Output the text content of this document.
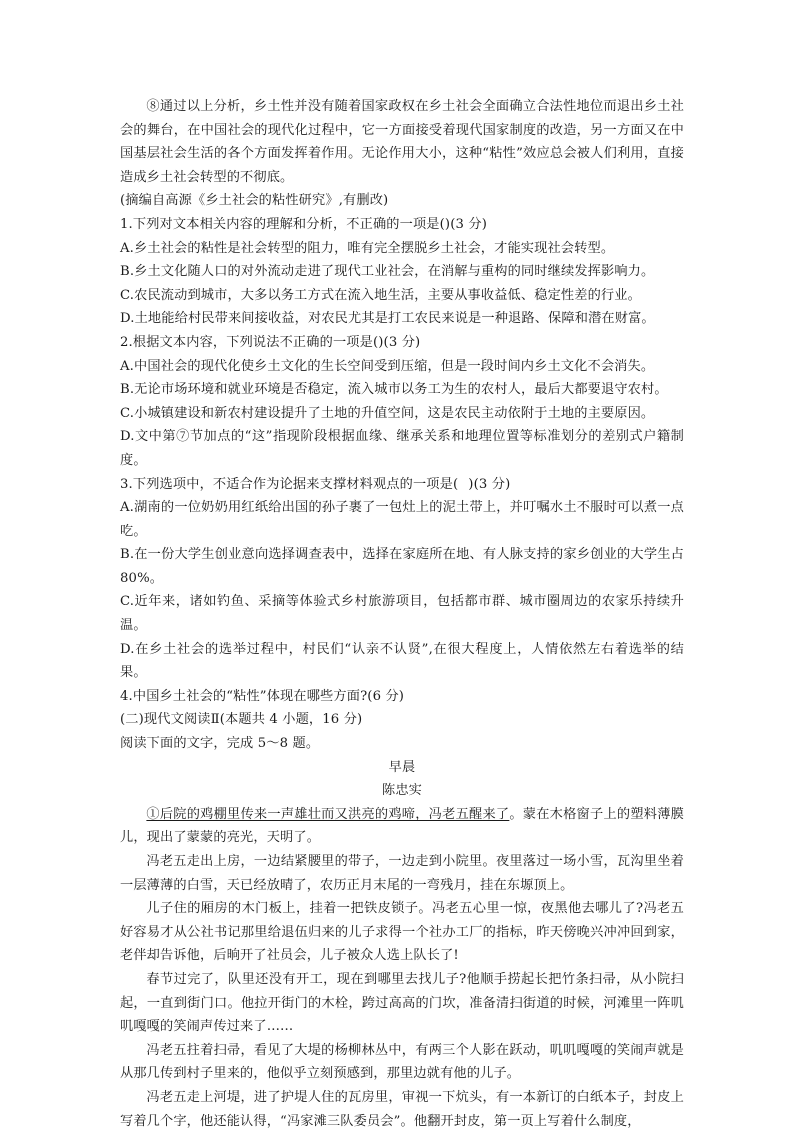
⑧通过以上分析，乡土性并没有随着国家政权在乡土社会全面确立合法性地位而退出乡土社会的舞台，在中国社会的现代化过程中，它一方面接受着现代国家制度的改造，另一方面又在中国基层社会生活的各个方面发挥着作用。无论作用大小，这种“粘性”效应总会被人们利用，直接造成乡土社会转型的不彻底。

(摘编自高源《乡土社会的粘性研究》,有删改)

1.下列对文本相关内容的理解和分析，不正确的一项是()(3 分)

A.乡土社会的粘性是社会转型的阻力，唯有完全摆脱乡土社会，才能实现社会转型。

B.乡土文化随人口的对外流动走进了现代工业社会，在消解与重构的同时继续发挥影响力。

C.农民流动到城市，大多以务工方式在流入地生活，主要从事收益低、稳定性差的行业。

D.土地能给村民带来间接收益，对农民尤其是打工农民来说是一种退路、保障和潜在财富。

2.根据文本内容，下列说法不正确的一项是()(3 分)

A.中国社会的现代化使乡土文化的生长空间受到压缩，但是一段时间内乡土文化不会消失。

B.无论市场环境和就业环境是否稳定，流入城市以务工为生的农村人，最后大都要退守农村。

C.小城镇建设和新农村建设提升了土地的升值空间，这是农民主动依附于土地的主要原因。

D.文中第⑦节加点的“这”指现阶段根据血缘、继承关系和地理位置等标准划分的差别式户籍制度。

3.下列选项中，不适合作为论据来支撑材料观点的一项是( )(3 分)

A.湖南的一位奶奶用红纸给出国的孙子裹了一包灶上的泥土带上，并叮嘱水土不服时可以煮一点吃。

B.在一份大学生创业意向选择调查表中，选择在家庭所在地、有人脉支持的家乡创业的大学生占 80%。

C.近年来，诸如钓鱼、采摘等体验式乡村旅游项目，包括都市群、城市圈周边的农家乐持续升温。

D.在乡土社会的选举过程中，村民们“认亲不认贤”,在很大程度上，人情依然左右着选举的结果。

4.中国乡土社会的“粘性”体现在哪些方面?(6 分)

(二)现代文阅读Ⅱ(本题共 4 小题，16 分)

阅读下面的文字，完成 5～8 题。

早晨

陈忠实

①后院的鸡棚里传来一声雄壮而又洪亮的鸡啼，冯老五醒来了。蒙在木格窗子上的塑料薄膜儿，现出了蒙蒙的亮光，天明了。

冯老五走出上房，一边结紧腰里的带子，一边走到小院里。夜里落过一场小雪，瓦沟里坐着一层薄薄的白雪，天已经放晴了，农历正月末尾的一弯残月，挂在东塬顶上。

儿子住的厢房的木门板上，挂着一把铁皮锁子。冯老五心里一惊，夜黑他去哪儿了?冯老五好容易才从公社书记那里给退伍归来的儿子求得一个社办工厂的指标，昨天傍晚兴冲冲回到家，老伴却告诉他，后晌开了社员会，儿子被众人选上队长了!

春节过完了，队里还没有开工，现在到哪里去找儿子?他顺手捞起长把竹条扫帚，从小院扫起，一直到街门口。他拉开街门的木栓，跨过高高的门坎，准备清扫街道的时候，河滩里一阵叽叽嘎嘎的笑闹声传过来了……

冯老五拄着扫帚，看见了大堤的杨柳林丛中，有两三个人影在跃动，叽叽嘎嘎的笑闹声就是从那几传到村子里来的，他似乎立刻预感到，那里边就有他的儿子。

冯老五走上河堤，进了护堤人住的瓦房里，审视一下炕头，有一本新订的白纸本子，封皮上写着几个字，他还能认得，“冯家滩三队委员会”。他翻开封皮，第一页上写着什么制度，
